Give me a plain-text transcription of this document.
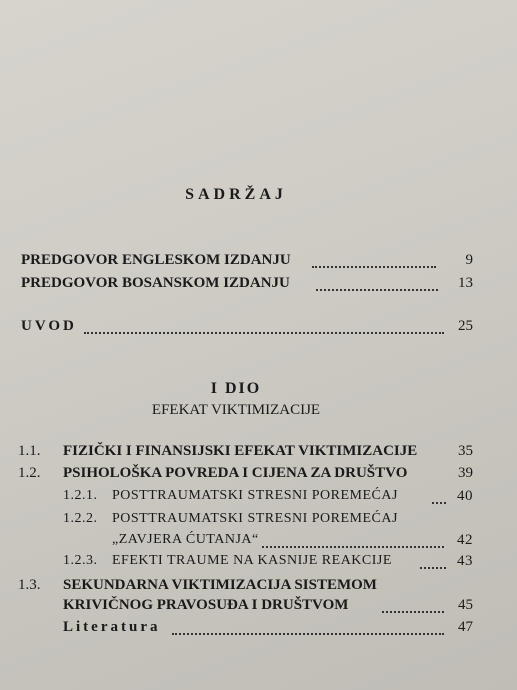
SADRŽAJ
PREDGOVOR ENGLESKOM IZDANJU	9
PREDGOVOR BOSANSKOM IZDANJU	13
UVOD	25
I DIO
EFEKAT VIKTIMIZACIJE
1.1. FIZIČKI I FINANSIJSKI EFEKAT VIKTIMIZACIJE	35
1.2. PSIHOLOŠKA POVREDA I CIJENA ZA DRUŠTVO	39
1.2.1. POSTTRAUMATSKI STRESNI POREMEĆAJ	40
1.2.2. POSTTRAUMATSKI STRESNI POREMEĆAJ
„ZAVJERA ĆUTANJA“	42
1.2.3. EFEKTI TRAUME NA KASNIJE REAKCIJE	43
1.3. SEKUNDARNA VIKTIMIZACIJA SISTEMOM
KRIVIČNOG PRAVOSUĐA I DRUŠTVOM	45
Literatura	47
